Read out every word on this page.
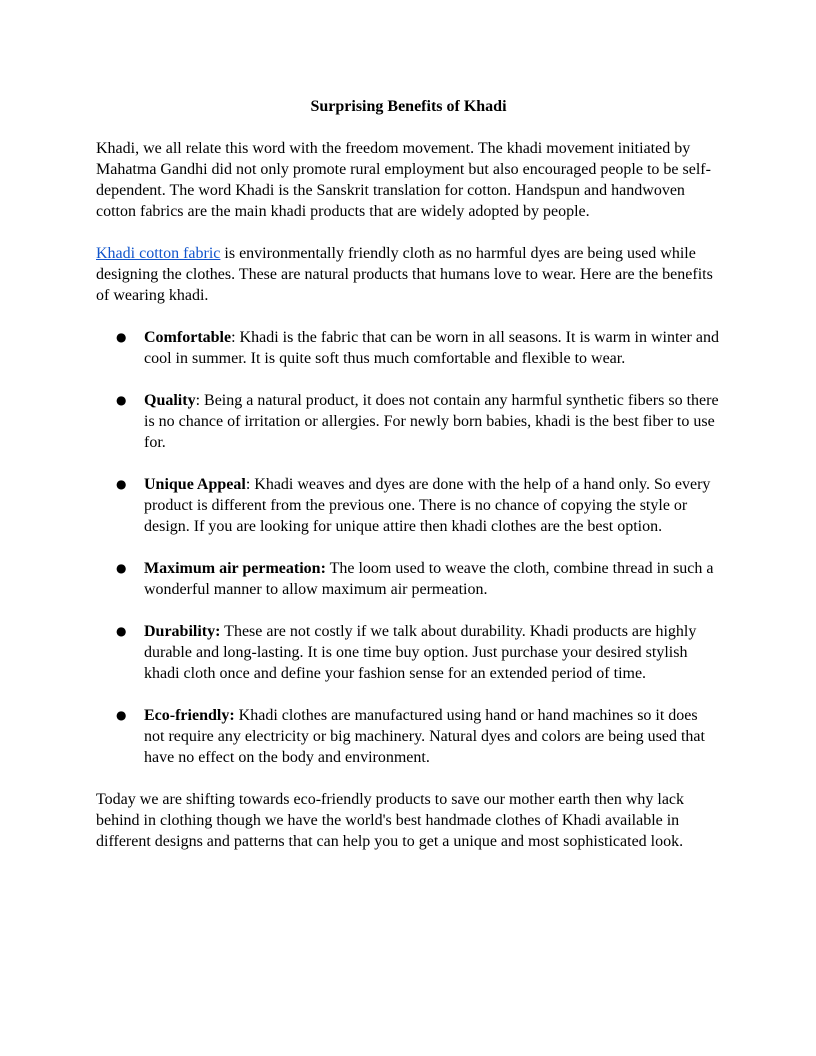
Surprising Benefits of Khadi

Khadi, we all relate this word with the freedom movement. The khadi movement initiated by Mahatma Gandhi did not only promote rural employment but also encouraged people to be self-dependent. The word Khadi is the Sanskrit translation for cotton. Handspun and handwoven cotton fabrics are the main khadi products that are widely adopted by people.

Khadi cotton fabric is environmentally friendly cloth as no harmful dyes are being used while designing the clothes. These are natural products that humans love to wear. Here are the benefits of wearing khadi.

● Comfortable: Khadi is the fabric that can be worn in all seasons. It is warm in winter and cool in summer. It is quite soft thus much comfortable and flexible to wear.
● Quality: Being a natural product, it does not contain any harmful synthetic fibers so there is no chance of irritation or allergies. For newly born babies, khadi is the best fiber to use for.
● Unique Appeal: Khadi weaves and dyes are done with the help of a hand only. So every product is different from the previous one. There is no chance of copying the style or design. If you are looking for unique attire then khadi clothes are the best option.
● Maximum air permeation: The loom used to weave the cloth, combine thread in such a wonderful manner to allow maximum air permeation.
● Durability: These are not costly if we talk about durability. Khadi products are highly durable and long-lasting. It is one time buy option. Just purchase your desired stylish khadi cloth once and define your fashion sense for an extended period of time.
● Eco-friendly: Khadi clothes are manufactured using hand or hand machines so it does not require any electricity or big machinery. Natural dyes and colors are being used that have no effect on the body and environment.

Today we are shifting towards eco-friendly products to save our mother earth then why lack behind in clothing though we have the world's best handmade clothes of Khadi available in different designs and patterns that can help you to get a unique and most sophisticated look.
